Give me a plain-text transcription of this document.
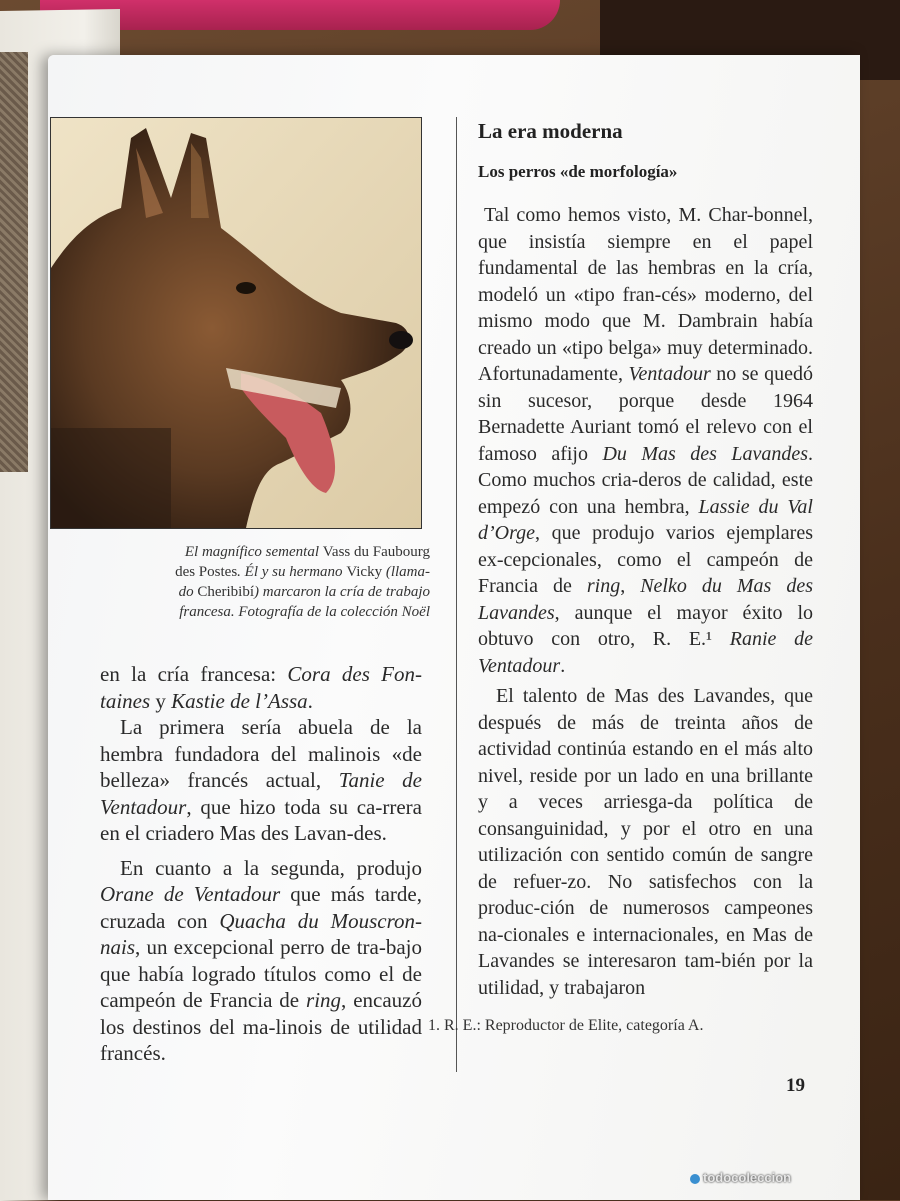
El magnífico semental Vass du Faubourg
des Postes. Él y su hermano Vicky (llama-
do Cheribibí) marcaron la cría de trabajo
francesa. Fotografía de la colección Noël

en la cría francesa: Cora des Fon-taines y Kastie de l’Assa.

La primera sería abuela de la hembra fundadora del malinois «de belleza» francés actual, Tanie de Ventadour, que hizo toda su ca-rrera en el criadero Mas des Lavan-des.

En cuanto a la segunda, produjo Orane de Ventadour que más tarde, cruzada con Quacha du Mouscron-nais, un excepcional perro de tra-bajo que había logrado títulos como el de campeón de Francia de ring, encauzó los destinos del ma-linois de utilidad francés.

La era moderna
Los perros «de morfología»

Tal como hemos visto, M. Char-bonnel, que insistía siempre en el papel fundamental de las hembras en la cría, modeló un «tipo fran-cés» moderno, del mismo modo que M. Dambrain había creado un «tipo belga» muy determinado. Afortunadamente, Ventadour no se quedó sin sucesor, porque desde 1964 Bernadette Auriant tomó el relevo con el famoso afijo Du Mas des Lavandes. Como muchos cria-deros de calidad, este empezó con una hembra, Lassie du Val d’Orge, que produjo varios ejemplares ex-cepcionales, como el campeón de Francia de ring, Nelko du Mas des Lavandes, aunque el mayor éxito lo obtuvo con otro, R. E.¹ Ranie de Ventadour.

El talento de Mas des Lavandes, que después de más de treinta años de actividad continúa estando en el más alto nivel, reside por un lado en una brillante y a veces arriesga-da política de consanguinidad, y por el otro en una utilización con sentido común de sangre de refuer-zo. No satisfechos con la produc-ción de numerosos campeones na-cionales e internacionales, en Mas de Lavandes se interesaron tam-bién por la utilidad, y trabajaron

1. R. E.: Reproductor de Elite, categoría A.
19
todocoleccion
